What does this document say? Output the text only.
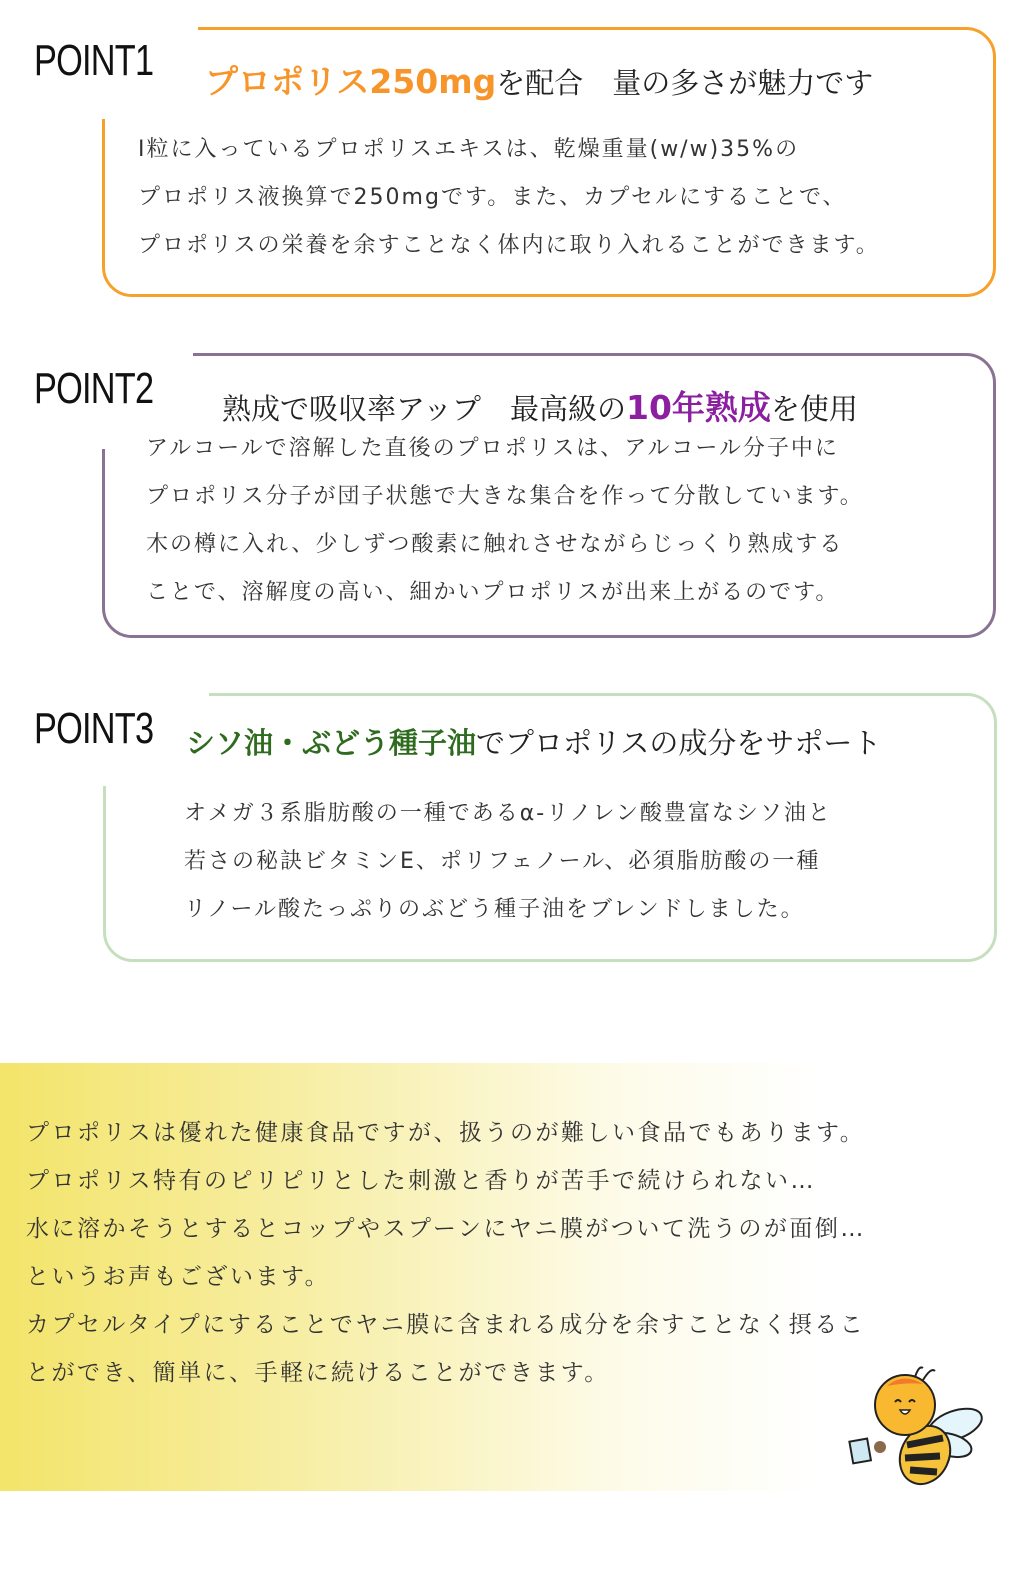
POINT1 プロポリス250mgを配合　量の多さが魅力です

I粒に入っているプロポリスエキスは、乾燥重量(w/w)35%の

プロポリス液換算で250mgです。また、カプセルにすることで、

プロポリスの栄養を余すことなく体内に取り入れることができます。

POINT2 熟成で吸収率アップ　最高級の10年熟成を使用

アルコールで溶解した直後のプロポリスは、アルコール分子中に

プロポリス分子が団子状態で大きな集合を作って分散しています。

木の樽に入れ、少しずつ酸素に触れさせながらじっくり熟成する

ことで、溶解度の高い、細かいプロポリスが出来上がるのです。

POINT3 シソ油・ぶどう種子油でプロポリスの成分をサポート

オメガ３系脂肪酸の一種であるα-リノレン酸豊富なシソ油と

若さの秘訣ビタミンE、ポリフェノール、必須脂肪酸の一種

リノール酸たっぷりのぶどう種子油をブレンドしました。

プロポリスは優れた健康食品ですが、扱うのが難しい食品でもあります。

プロポリス特有のピリピリとした刺激と香りが苦手で続けられない…

水に溶かそうとするとコップやスプーンにヤニ膜がついて洗うのが面倒…

というお声もございます。

カプセルタイプにすることでヤニ膜に含まれる成分を余すことなく摂るこ

とができ、簡単に、手軽に続けることができます。
